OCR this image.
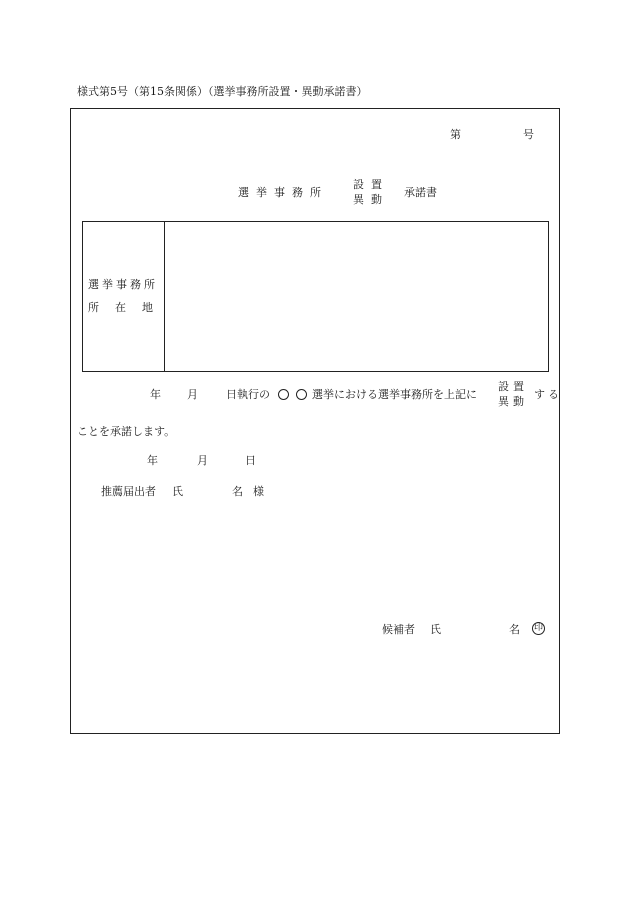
様式第5号（第15条関係）（選挙事務所設置・異動承諾書）
第	号
選挙事務所
設置
異動
承諾書
選挙事務所
所在地
年 月	日執行の	選挙における選挙事務所を上記に
設置
異動
する
ことを承諾します。
年	月	日
推薦届出者 氏	名 様
候補者 氏	名 印
